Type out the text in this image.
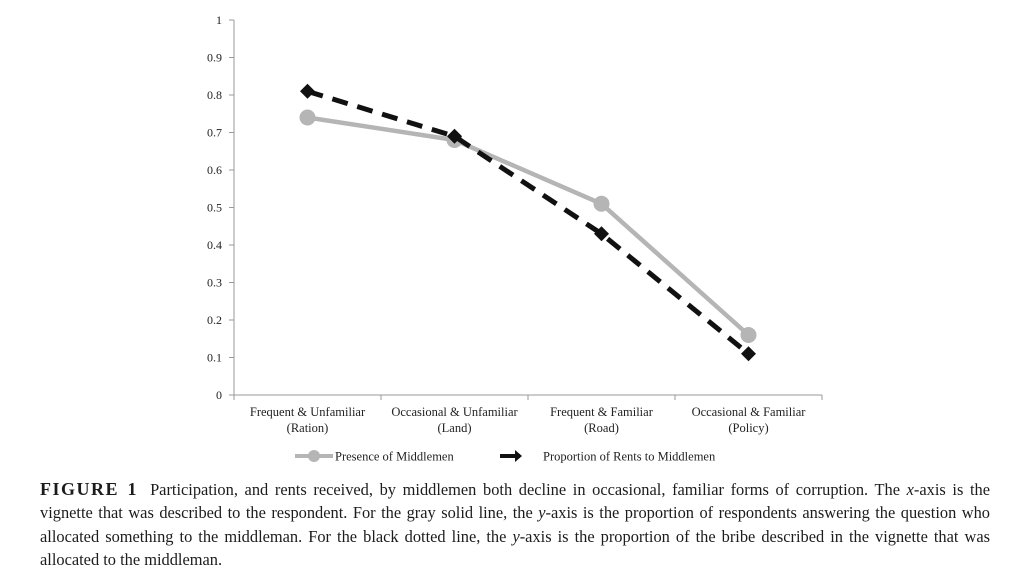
0
0.1
0.2
0.3
0.4
0.5
0.6
0.7
0.8
0.9
1
Frequent & Unfamiliar
(Ration)
Occasional & Unfamiliar
(Land)
Frequent & Familiar
(Road)
Occasional & Familiar
(Policy)
Presence of Middlemen	Proportion of Rents to Middlemen
FIGURE 1 Participation, and rents received, by middlemen both decline in occasional, familiar forms of corruption. The x-axis is the vignette that was described to the respondent. For the gray solid line, the y-axis is the proportion of respondents answering the question who allocated something to the middleman. For the black dotted line, the y-axis is the proportion of the bribe described in the vignette that was allocated to the middleman.
